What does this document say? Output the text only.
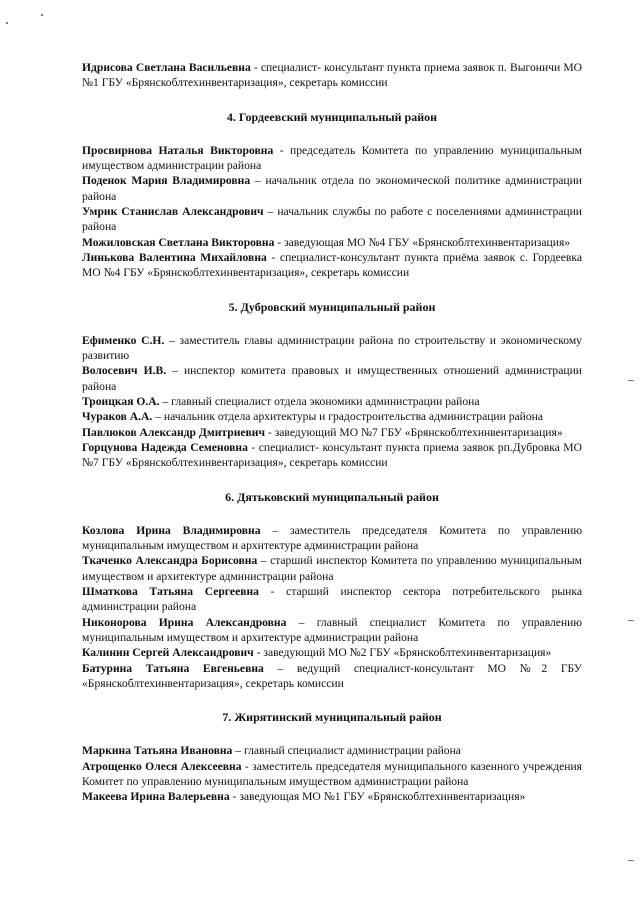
Идрисова Светлана Васильевна - специалист- консультант пункта приема заявок п. Выгоничи МО №1 ГБУ «Брянскоблтехинвентаризация», секретарь комиссии
4. Гордеевский муниципальный район
Просвирнова Наталья Викторовна - председатель Комитета по управлению муниципальным имуществом администрации района
Поденок Мария Владимировна – начальник отдела по экономической политике администрации района
Умрик Станислав Александрович – начальник службы по работе с поселениями администрации района
Можиловская Светлана Викторовна - заведующая МО №4 ГБУ «Брянскоблтехинвентаризация»
Линькова Валентина Михайловна - специалист-консультант пункта приёма заявок с. Гордеевка МО №4 ГБУ «Брянскоблтехинвентаризация», секретарь комиссии
5. Дубровский муниципальный район
Ефименко С.Н. – заместитель главы администрации района по строительству и экономическому развитию
Волосевич И.В. – инспектор комитета правовых и имущественных отношений администрации района
Троицкая О.А. – главный специалист отдела экономики администрации района
Чураков А.А. – начальник отдела архитектуры и градостроительства администрации района
Павлюков Александр Дмитриевич - заведующий МО №7 ГБУ «Брянскоблтехинвентаризация»
Горцунова Надежда Семеновна - специалист- консультант пункта приема заявок рп.Дубровка МО №7 ГБУ «Брянскоблтехинвентаризация», секретарь комиссии
6. Дятьковский муниципальный район
Козлова Ирина Владимировна – заместитель председателя Комитета по управлению муниципальным имуществом и архитектуре администрации района
Ткаченко Александра Борисовна – старший инспектор Комитета по управлению муниципальным имуществом и архитектуре администрации района
Шматкова Татьяна Сергеевна - старший инспектор сектора потребительского рынка администрации района
Никонорова Ирина Александровна – главный специалист Комитета по управлению муниципальным имуществом и архитектуре администрации района
Калинин Сергей Александрович - заведующий МО №2 ГБУ «Брянскоблтехинвентаризация»
Батурина Татьяна Евгеньевна – ведущий специалист-консультант МО №2 ГБУ «Брянскоблтехинвентаризация», секретарь комиссии
7. Жирятинский муниципальный район
Маркина Татьяна Ивановна – главный специалист администрации района
Атрощенко Олеся Алексеевна - заместитель председателя муниципального казенного учреждения Комитет по управлению муниципальным имуществом администрации района
Макеева Ирина Валерьевна - заведующая МО №1 ГБУ «Брянскоблтехинвентаризация»
